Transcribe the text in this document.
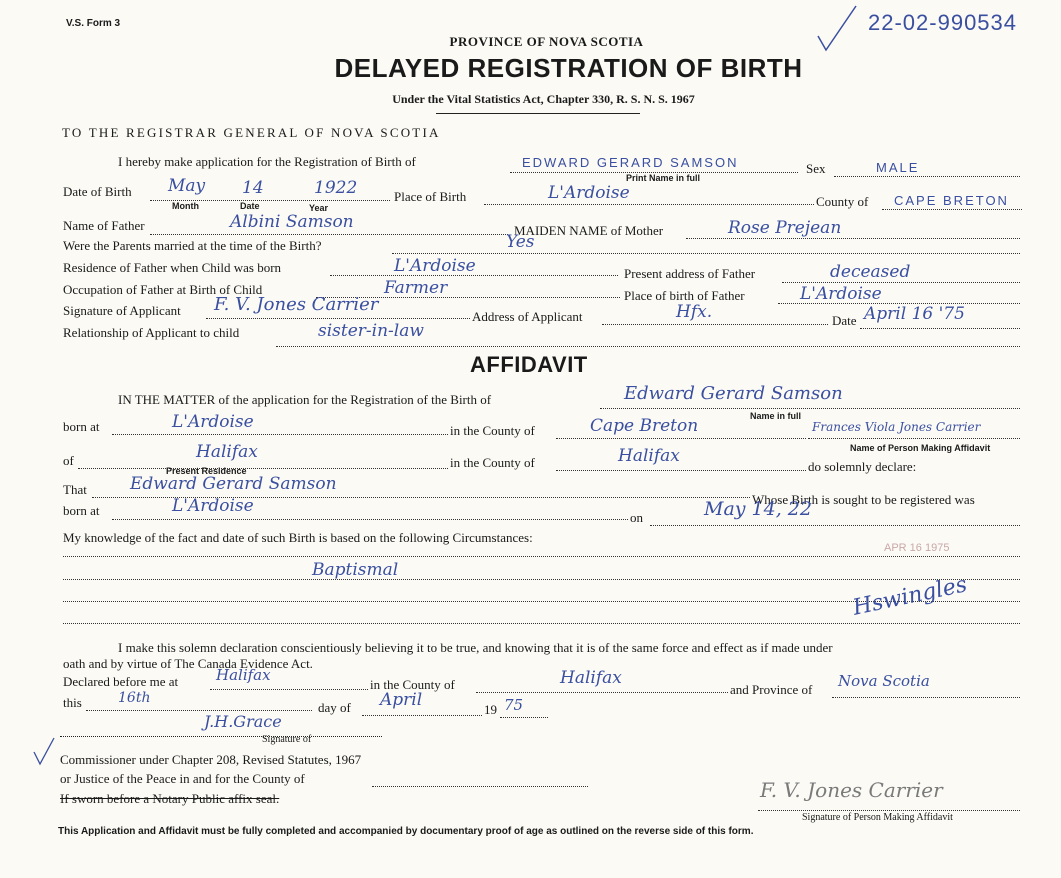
V.S. Form 3	22-02-990534
PROVINCE OF NOVA SCOTIA
DELAYED REGISTRATION OF BIRTH
Under the Vital Statistics Act, Chapter 330, R. S. N. S. 1967
TO THE REGISTRAR GENERAL OF NOVA SCOTIA
I hereby make application for the Registration of Birth of	EDWARD GERARD SAMSON
Print Name in full
Sex	MALE
Date of Birth May 14	1922
Month	Date	Year
Place of Birth	L'Ardoise	County of CAPE BRETON
Name of Father	Albini Samson	MAIDEN NAME of Mother	Rose Prejean
Were the Parents married at the time of the Birth?	Yes
Residence of Father when Child was born	L'Ardoise	Present address of Father	deceased
Occupation of Father at Birth of Child	Farmer	Place of birth of Father	L'Ardoise
Signature of Applicant F. V. Jones Carrier
Address of Applicant	Hfx.	Date April 16 '75
Relationship of Applicant to child	sister-in-law
AFFIDAVIT
IN THE MATTER of the application for the Registration of the Birth of	Edward Gerard Samson
Name in full
born at	L'Ardoise	in the County of	Cape Breton	Frances Viola Jones Carrier
Name of Person Making Affidavit
of	Halifax
Present Residence
in the County of	Halifax
do solemnly declare:
That	Edward Gerard Samson
Whose Birth is sought to be registered was
born at	L'Ardoise
on	May 14, 22
My knowledge of the fact and date of such Birth is based on the following Circumstances:
Baptismal
Hswingles
APR 16 1975
I make this solemn declaration conscientiously believing it to be true, and knowing that it is of the same force and effect as if made under
oath and by virtue of The Canada Evidence Act.
Declared before me at	Halifax
in the County of	Halifax
and Province of Nova Scotia
this	16th
day of April	19 75
J.H.Grace
Signature of
Commissioner under Chapter 208, Revised Statutes, 1967
or Justice of the Peace in and for the County of
If sworn before a Notary Public affix seal.	F. V. Jones Carrier
Signature of Person Making Affidavit
This Application and Affidavit must be fully completed and accompanied by documentary proof of age as outlined on the reverse side of this form.
